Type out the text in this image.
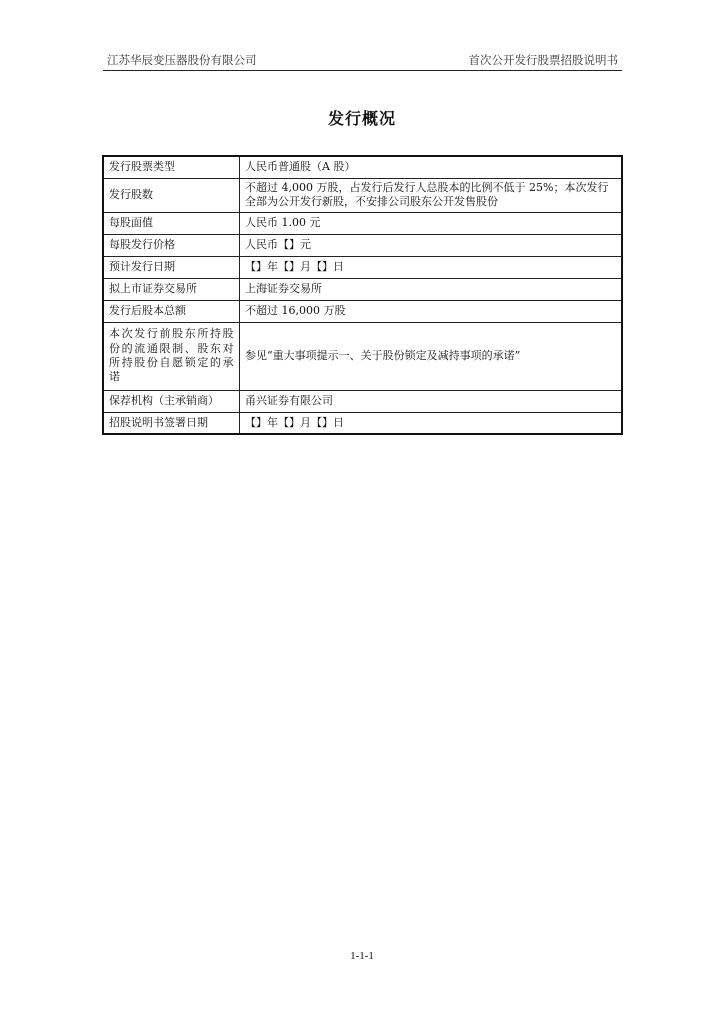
江苏华辰变压器股份有限公司	首次公开发行股票招股说明书
发行概况
发行股票类型	人民币普通股（A 股）
发行股数	不超过 4,000 万股，占发行后发行人总股本的比例不低于 25%；本次发行全部为公开发行新股，不安排公司股东公开发售股份
每股面值	人民币 1.00 元
每股发行价格	人民币【】元
预计发行日期	【】年【】月【】日
拟上市证券交易所	上海证券交易所
发行后股本总额	不超过 16,000 万股
本次发行前股东所持股份的流通限制、股东对所持股份自愿锁定的承诺	参见“重大事项提示一、关于股份锁定及减持事项的承诺”
保荐机构（主承销商）	甬兴证券有限公司
招股说明书签署日期	【】年【】月【】日
1-1-1
